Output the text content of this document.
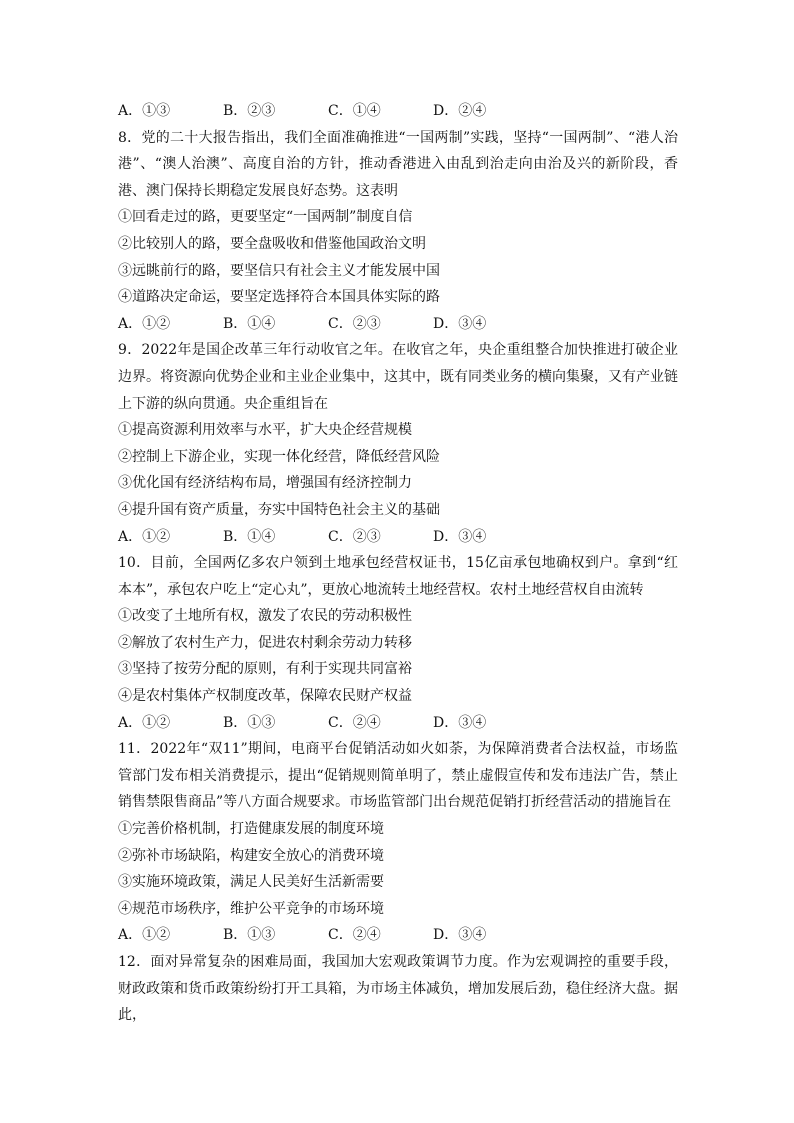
A．①③	B．②③	C．①④	D．②④
8．党的二十大报告指出，我们全面准确推进“一国两制”实践，坚持“一国两制”、“港人治港”、“澳人治澳”、高度自治的方针，推动香港进入由乱到治走向由治及兴的新阶段，香港、澳门保持长期稳定发展良好态势。这表明
①回看走过的路，更要坚定“一国两制”制度自信
②比较别人的路，要全盘吸收和借鉴他国政治文明
③远眺前行的路，要坚信只有社会主义才能发展中国
④道路决定命运，要坚定选择符合本国具体实际的路
A．①②	B．①④	C．②③	D．③④
9．2022年是国企改革三年行动收官之年。在收官之年，央企重组整合加快推进打破企业边界。将资源向优势企业和主业企业集中，这其中，既有同类业务的横向集聚，又有产业链上下游的纵向贯通。央企重组旨在
①提高资源利用效率与水平，扩大央企经营规模
②控制上下游企业，实现一体化经营，降低经营风险
③优化国有经济结构布局，增强国有经济控制力
④提升国有资产质量，夯实中国特色社会主义的基础
A．①②	B．①④	C．②③	D．③④
10．目前，全国两亿多农户领到土地承包经营权证书，15亿亩承包地确权到户。拿到“红本本”，承包农户吃上“定心丸”，更放心地流转土地经营权。农村土地经营权自由流转
①改变了土地所有权，激发了农民的劳动积极性
②解放了农村生产力，促进农村剩余劳动力转移
③坚持了按劳分配的原则，有利于实现共同富裕
④是农村集体产权制度改革，保障农民财产权益
A．①②	B．①③	C．②④	D．③④
11．2022年“双11”期间，电商平台促销活动如火如荼，为保障消费者合法权益，市场监管部门发布相关消费提示，提出“促销规则简单明了，禁止虚假宣传和发布违法广告，禁止销售禁限售商品”等八方面合规要求。市场监管部门出台规范促销打折经营活动的措施旨在
①完善价格机制，打造健康发展的制度环境
②弥补市场缺陷，构建安全放心的消费环境
③实施环境政策，满足人民美好生活新需要
④规范市场秩序，维护公平竞争的市场环境
A．①②	B．①③	C．②④	D．③④
12．面对异常复杂的困难局面，我国加大宏观政策调节力度。作为宏观调控的重要手段，财政政策和货币政策纷纷打开工具箱，为市场主体减负，增加发展后劲，稳住经济大盘。据此，
